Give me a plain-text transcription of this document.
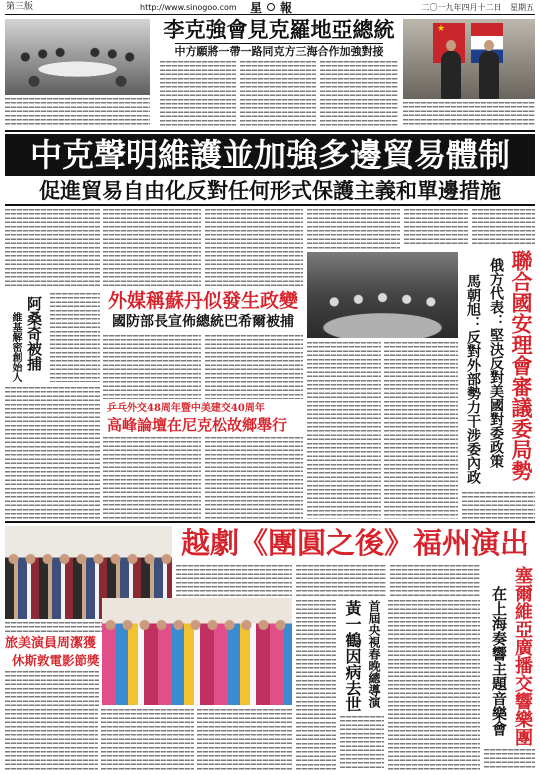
第三版	http://www.sinogoo.com 星 報	二〇一九年四月十二日 星期五
李克強會見克羅地亞總統
中方願將一帶一路同克方三海合作加強對接
★
中克聲明維護並加強多邊貿易體制
促進貿易自由化反對任何形式保護主義和單邊措施
阿桑奇被捕
維基解密創始人
外媒稱蘇丹似發生政變
國防部長宣佈總統巴希爾被捕
乒乓外交48周年暨中美建交40周年
高峰論壇在尼克松故鄉舉行	聯合國安理會審議委局勢
俄方代表：堅決反對美國對委政策
馬朝旭：反對外部勢力干涉委內政
越劇《團圓之後》福州演出
旅美演員周潔獲
休斯敦電影節獎	黃一鶴因病去世 首屆央視春晚總導演	塞爾維亞廣播交響樂團
在上海奏響主題音樂會
